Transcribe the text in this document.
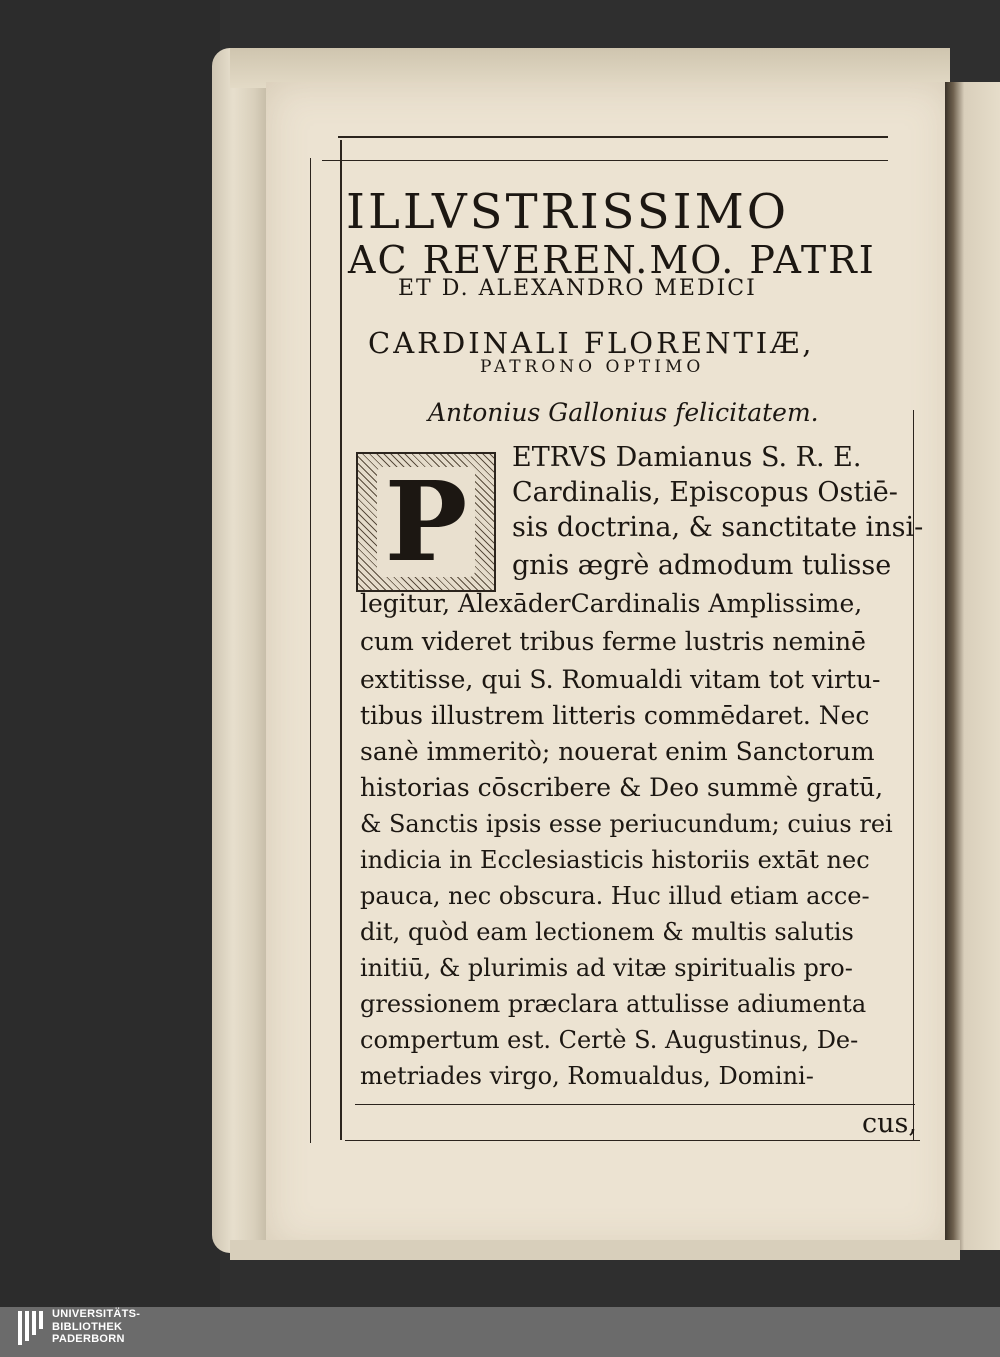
ILLVSTRISSIMO
AC REVEREN.MO. PATRI
ET D. ALEXANDRO MEDICI
CARDINALI FLORENTIÆ,
PATRONO OPTIMO
Antonius Gallonius felicitatem.
P ETRVS Damianus S. R. E.
Cardinalis, Episcopus Ostiē-
sis doctrina, & sanctitate insi-
gnis ægrè admodum tulisse
legitur, AlexāderCardinalis Amplissime,
cum videret tribus ferme lustris neminē
extitisse, qui S. Romualdi vitam tot virtu-
tibus illustrem litteris commēdaret. Nec
sanè immeritò; nouerat enim Sanctorum
historias cōscribere & Deo summè gratū,
& Sanctis ipsis esse periucundum; cuius rei
indicia in Ecclesiasticis historiis extāt nec
pauca, nec obscura. Huc illud etiam acce-
dit, quòd eam lectionem & multis salutis
initiū, & plurimis ad vitæ spiritualis pro-
gressionem præclara attulisse adiumenta
compertum est. Certè S. Augustinus, De-
metriades virgo, Romualdus, Domini-
cus,
UNIVERSITÄTS-
BIBLIOTHEK
PADERBORN
